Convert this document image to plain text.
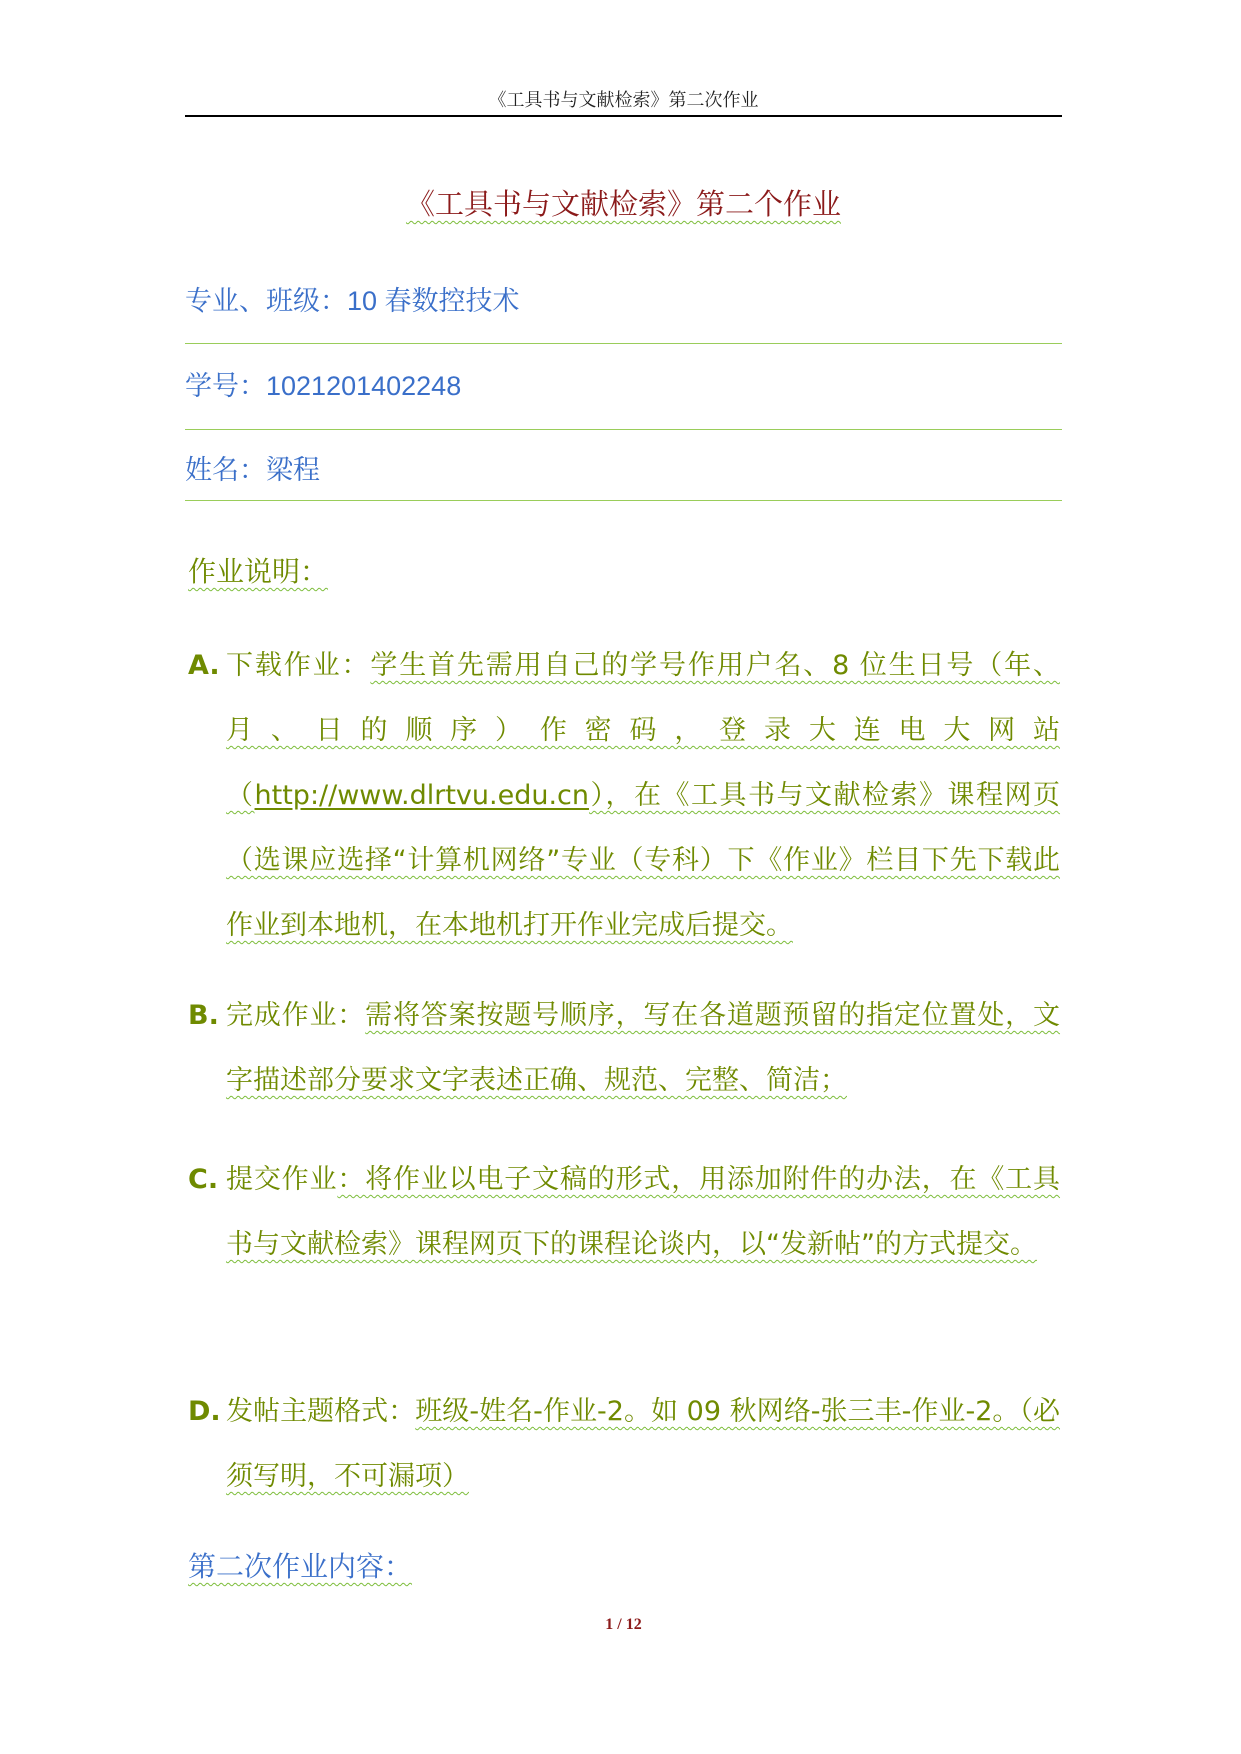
《工具书与文献检索》第二次作业
《工具书与文献检索》第二个作业
专业、班级：10 春数控技术
学号：1021201402248
姓名：梁程
作业说明：
A. 下载作业：学生首先需用自己的学号作用户名、8 位生日号（年、月、日的顺序）作密码，登录大连电大网站（http://www.dlrtvu.edu.cn），在《工具书与文献检索》课程网页（选课应选择“计算机网络”专业（专科）下《作业》栏目下先下载此作业到本地机，在本地机打开作业完成后提交。
B. 完成作业：需将答案按题号顺序，写在各道题预留的指定位置处，文字描述部分要求文字表述正确、规范、完整、简洁；
C. 提交作业：将作业以电子文稿的形式，用添加附件的办法，在《工具书与文献检索》课程网页下的课程论谈内，以“发新帖”的方式提交。
D. 发帖主题格式：班级-姓名-作业-2。如 09 秋网络-张三丰-作业-2。（必须写明，不可漏项）
第二次作业内容：
1 / 12
